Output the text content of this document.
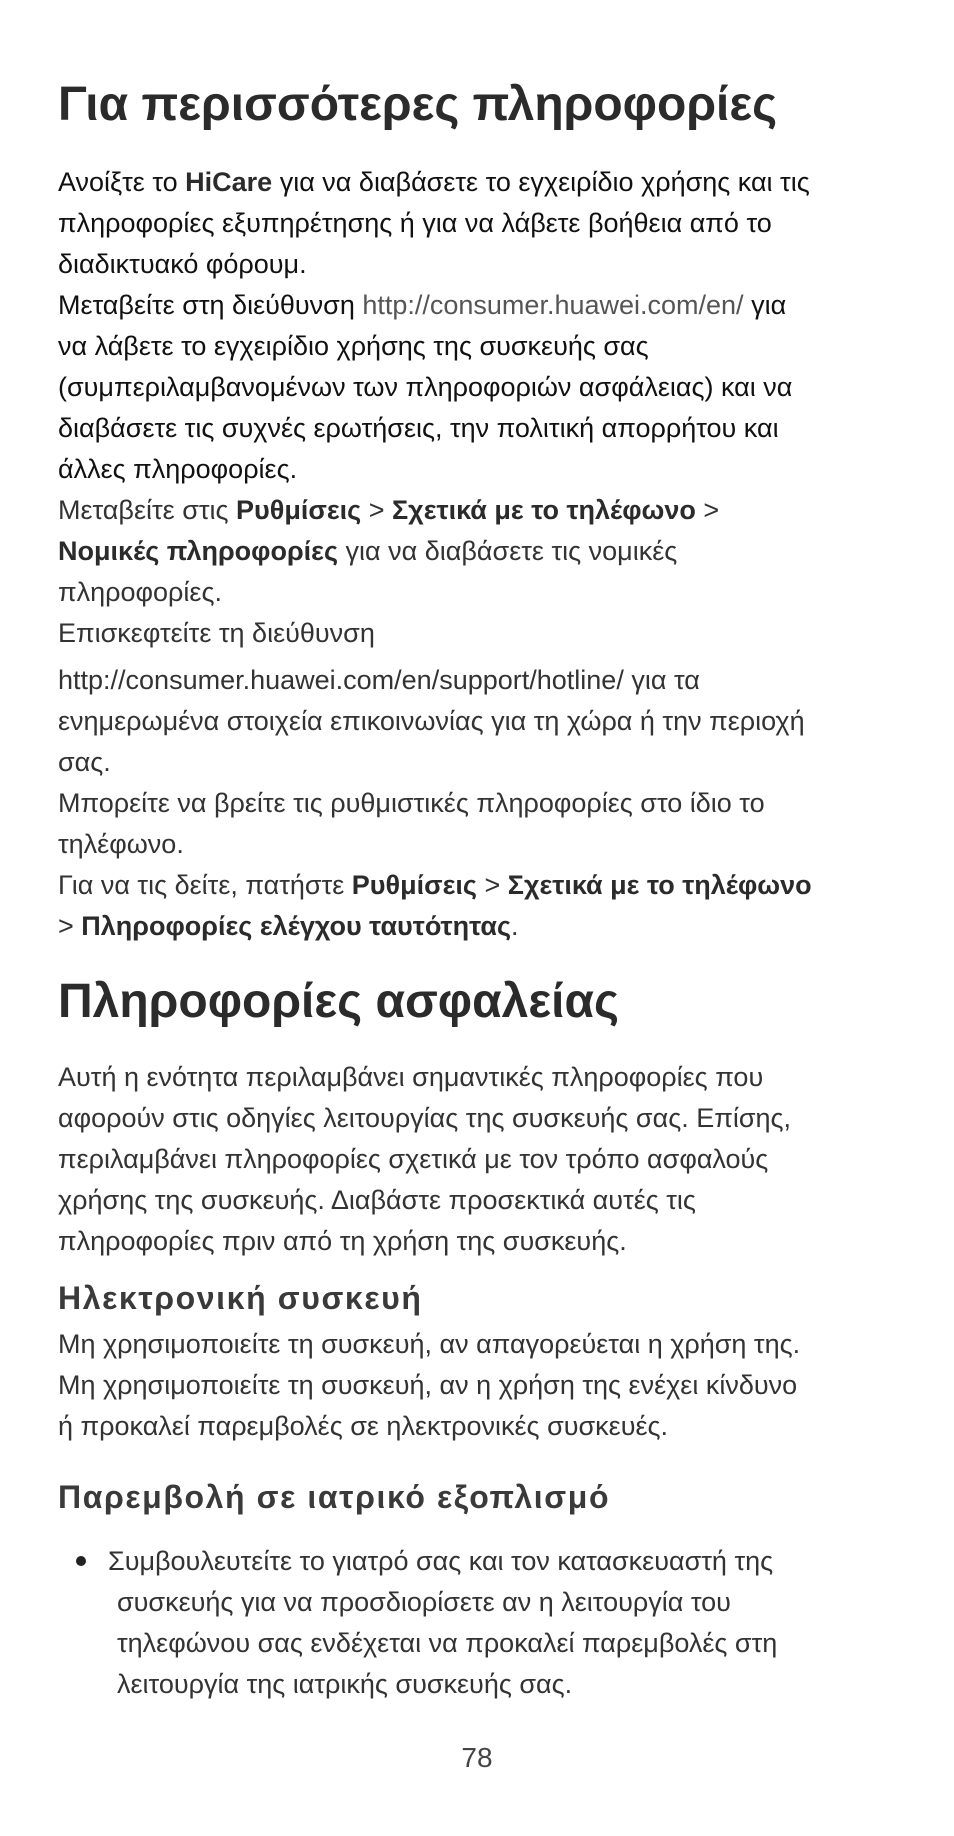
Για περισσότερες πληροφορίες

Ανοίξτε το HiCare για να διαβάσετε το εγχειρίδιο χρήσης και τις
πληροφορίες εξυπηρέτησης ή για να λάβετε βοήθεια από το
διαδικτυακό φόρουμ.

Μεταβείτε στη διεύθυνση http://consumer.huawei.com/en/ για
να λάβετε το εγχειρίδιο χρήσης της συσκευής σας
(συμπεριλαμβανομένων των πληροφοριών ασφάλειας) και να
διαβάσετε τις συχνές ερωτήσεις, την πολιτική απορρήτου και
άλλες πληροφορίες.

Μεταβείτε στις Ρυθμίσεις > Σχετικά με το τηλέφωνο >
Νομικές πληροφορίες για να διαβάσετε τις νομικές
πληροφορίες.

Επισκεφτείτε τη διεύθυνση
http://consumer.huawei.com/en/support/hotline/ για τα
ενημερωμένα στοιχεία επικοινωνίας για τη χώρα ή την περιοχή
σας.

Μπορείτε να βρείτε τις ρυθμιστικές πληροφορίες στο ίδιο το
τηλέφωνο.

Για να τις δείτε, πατήστε Ρυθμίσεις > Σχετικά με το τηλέφωνο
> Πληροφορίες ελέγχου ταυτότητας.

Πληροφορίες ασφαλείας

Αυτή η ενότητα περιλαμβάνει σημαντικές πληροφορίες που
αφορούν στις οδηγίες λειτουργίας της συσκευής σας. Επίσης,
περιλαμβάνει πληροφορίες σχετικά με τον τρόπο ασφαλούς
χρήσης της συσκευής. Διαβάστε προσεκτικά αυτές τις
πληροφορίες πριν από τη χρήση της συσκευής.

Ηλεκτρονική συσκευή

Μη χρησιμοποιείτε τη συσκευή, αν απαγορεύεται η χρήση της.
Μη χρησιμοποιείτε τη συσκευή, αν η χρήση της ενέχει κίνδυνο
ή προκαλεί παρεμβολές σε ηλεκτρονικές συσκευές.

Παρεμβολή σε ιατρικό εξοπλισμό
Συμβουλευτείτε το γιατρό σας και τον κατασκευαστή της
συσκευής για να προσδιορίσετε αν η λειτουργία του
τηλεφώνου σας ενδέχεται να προκαλεί παρεμβολές στη
λειτουργία της ιατρικής συσκευής σας.
78
